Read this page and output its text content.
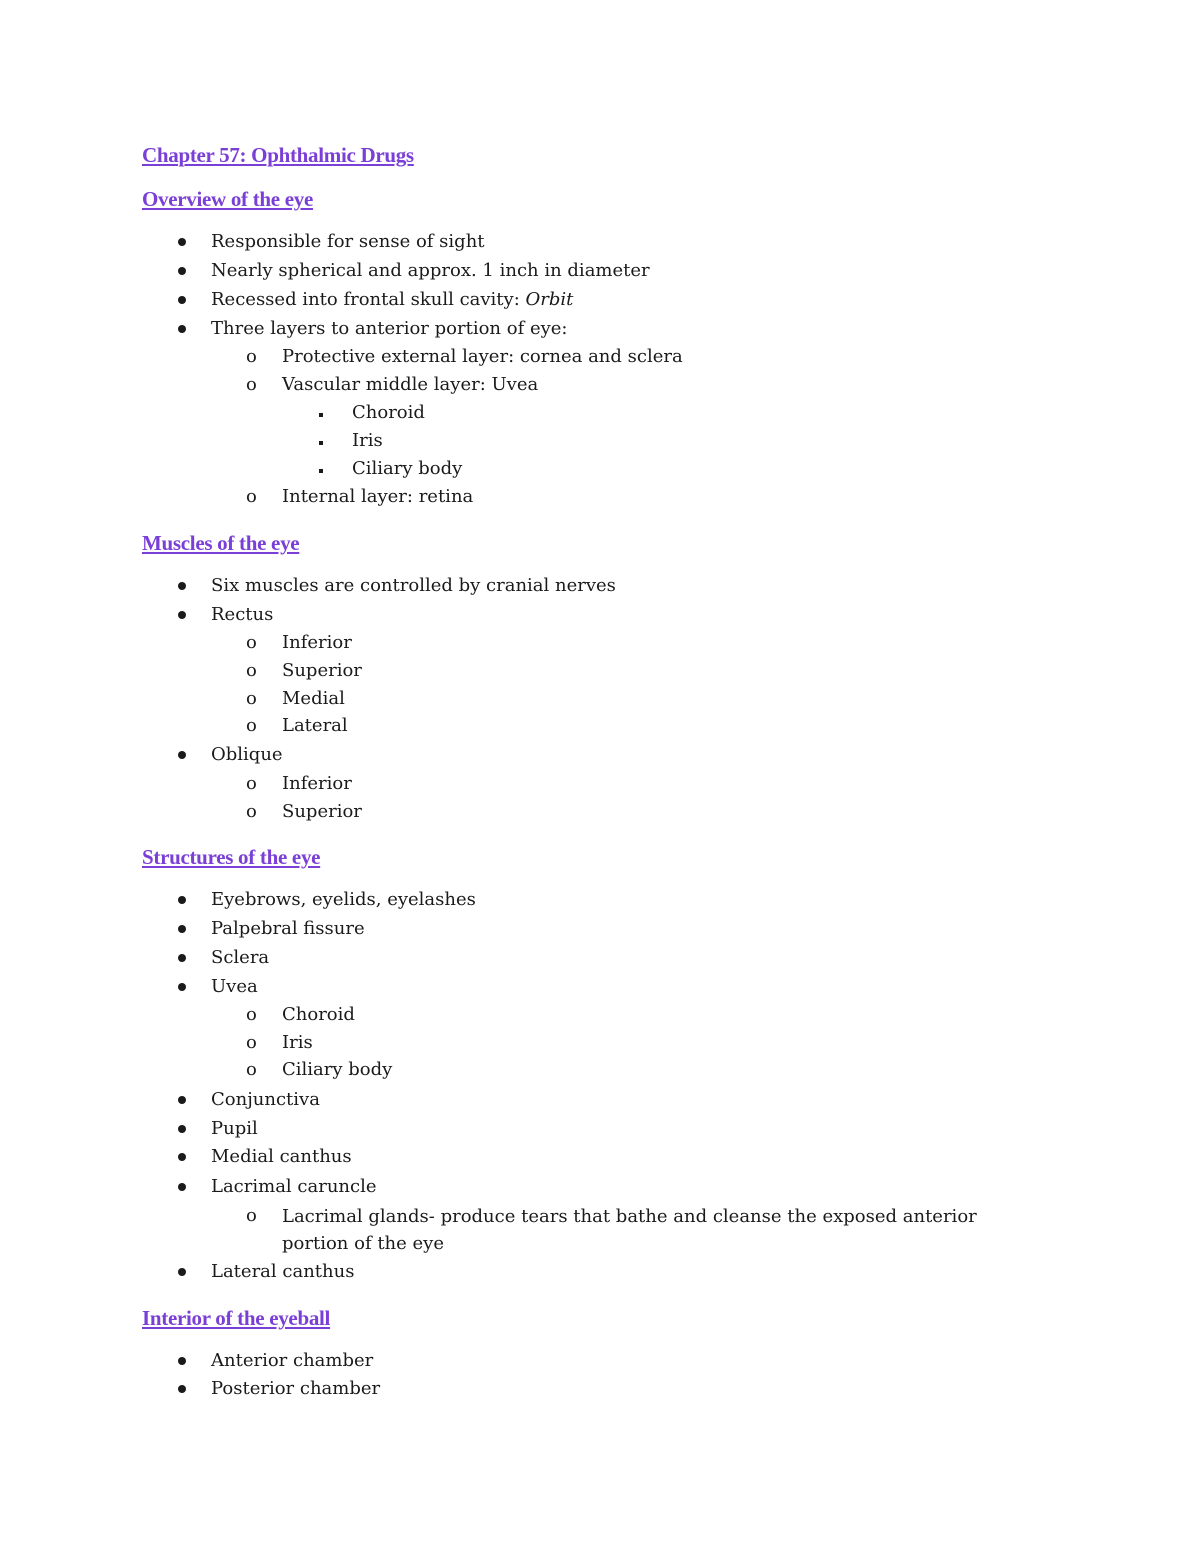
Chapter 57: Ophthalmic Drugs
Overview of the eye

Responsible for sense of sight

Nearly spherical and approx. 1 inch in diameter

Recessed into frontal skull cavity: Orbit

Three layers to anterior portion of eye:

o Protective external layer: cornea and sclera

o Vascular middle layer: Uvea

Choroid

Iris

Ciliary body

o Internal layer: retina

Muscles of the eye

Six muscles are controlled by cranial nerves

Rectus

o Inferior

o Superior

o Medial

o Lateral

Oblique

o Inferior

o Superior

Structures of the eye

Eyebrows, eyelids, eyelashes

Palpebral fissure

Sclera

Uvea

o Choroid

o Iris

o Ciliary body

Conjunctiva

Pupil

Medial canthus

Lacrimal caruncle

o Lacrimal glands- produce tears that bathe and cleanse the exposed anterior portion of the eye

Lateral canthus

Interior of the eyeball

Anterior chamber

Posterior chamber
